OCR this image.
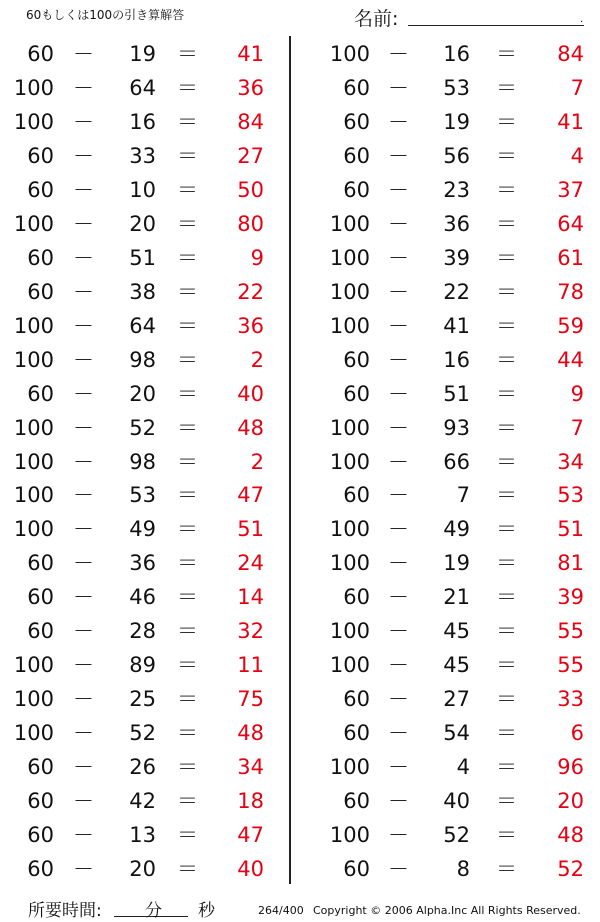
60もしくは100の引き算解答	名前:	.
60 －	19 ＝	41
100 －	64 ＝	36
100 －	16 ＝	84
60 －	33 ＝	27
60 －	10 ＝	50
100 －	20 ＝	80
60 －	51 ＝	9
60 －	38 ＝	22
100 －	64 ＝	36
100 －	98 ＝	2
60 －	20 ＝	40
100 －	52 ＝	48
100 －	98 ＝	2
100 －	53 ＝	47
100 －	49 ＝	51
60 －	36 ＝	24
60 －	46 ＝	14
60 －	28 ＝	32
100 －	89 ＝	11
100 －	25 ＝	75
100 －	52 ＝	48
60 －	26 ＝	34
60 －	42 ＝	18
60 －	13 ＝	47
60 －	20 ＝	40
100 －	16 ＝	84
60 －	53 ＝	7
60 －	19 ＝	41
60 －	56 ＝	4
60 －	23 ＝	37
100 －	36 ＝	64
100 －	39 ＝	61
100 －	22 ＝	78
100 －	41 ＝	59
60 －	16 ＝	44
60 －	51 ＝	9
100 －	93 ＝	7
100 －	66 ＝	34
60 －	7 ＝	53
100 －	49 ＝	51
100 －	19 ＝	81
60 －	21 ＝	39
100 －	45 ＝	55
100 －	45 ＝	55
60 －	27 ＝	33
60 －	54 ＝	6
100 －	4 ＝	96
60 －	40 ＝	20
100 －	52 ＝	48
60 －	8 ＝	52
所要時間:	分 秒	264/400 Copyright © 2006 Alpha.Inc All Rights Reserved.
